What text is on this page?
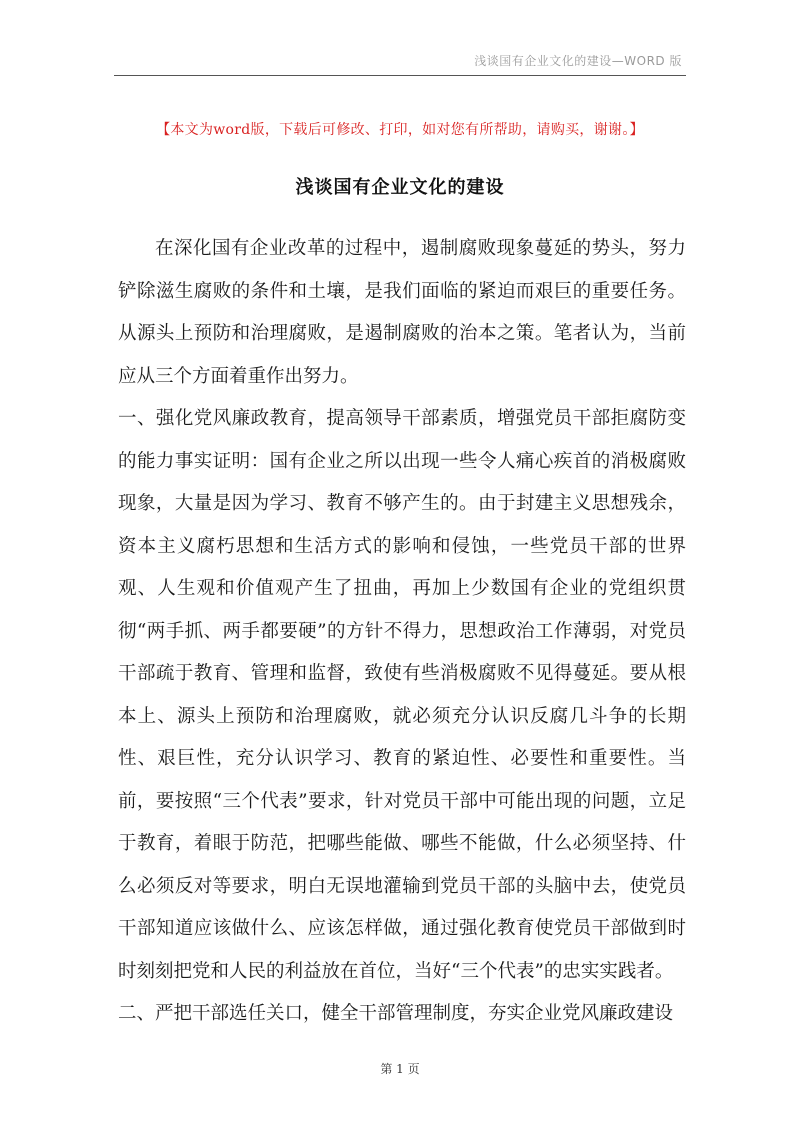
浅谈国有企业文化的建设—WORD 版
【本文为word版，下载后可修改、打印，如对您有所帮助，请购买，谢谢。】
浅谈国有企业文化的建设

在深化国有企业改革的过程中，遏制腐败现象蔓延的势头，努力铲除滋生腐败的条件和土壤，是我们面临的紧迫而艰巨的重要任务。从源头上预防和治理腐败，是遏制腐败的治本之策。笔者认为，当前应从三个方面着重作出努力。

一、强化党风廉政教育，提高领导干部素质，增强党员干部拒腐防变的能力事实证明：国有企业之所以出现一些令人痛心疾首的消极腐败现象，大量是因为学习、教育不够产生的。由于封建主义思想残余，资本主义腐朽思想和生活方式的影响和侵蚀，一些党员干部的世界观、人生观和价值观产生了扭曲，再加上少数国有企业的党组织贯彻“两手抓、两手都要硬”的方针不得力，思想政治工作薄弱，对党员干部疏于教育、管理和监督，致使有些消极腐败不见得蔓延。要从根本上、源头上预防和治理腐败，就必须充分认识反腐几斗争的长期性、艰巨性，充分认识学习、教育的紧迫性、必要性和重要性。当前，要按照“三个代表”要求，针对党员干部中可能出现的问题，立足于教育，着眼于防范，把哪些能做、哪些不能做，什么必须坚持、什么必须反对等要求，明白无误地灌输到党员干部的头脑中去，使党员干部知道应该做什么、应该怎样做，通过强化教育使党员干部做到时时刻刻把党和人民的利益放在首位，当好“三个代表”的忠实实践者。

二、严把干部选任关口，健全干部管理制度，夯实企业党风廉政建设

第 1 页
